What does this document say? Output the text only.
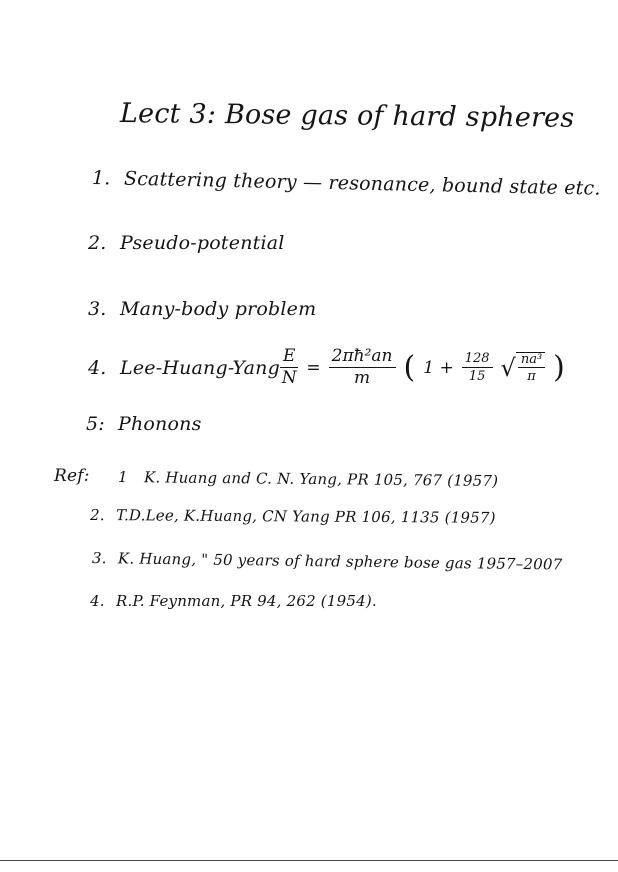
Lect 3: Bose gas of hard spheres
1. Scattering theory — resonance, bound state etc.
2. Pseudo-potential
3. Many-body problem
4. Lee-Huang-Yang $\frac{E}{N} = \frac{\text{2πħ²an}}{m}$ ( $1 + \frac{128}{15}$ √ $\frac{\text{na³}}{\pi}$ )
5: Phonons
Ref: 1 K. Huang and C. N. Yang, PR 105, 767 (1957)
2. T.D.Lee, K.Huang, CN Yang PR 106, 1135 (1957)
3. K. Huang, " 50 years of hard sphere bose gas 1957–2007
4. R.P. Feynman, PR 94, 262 (1954).
